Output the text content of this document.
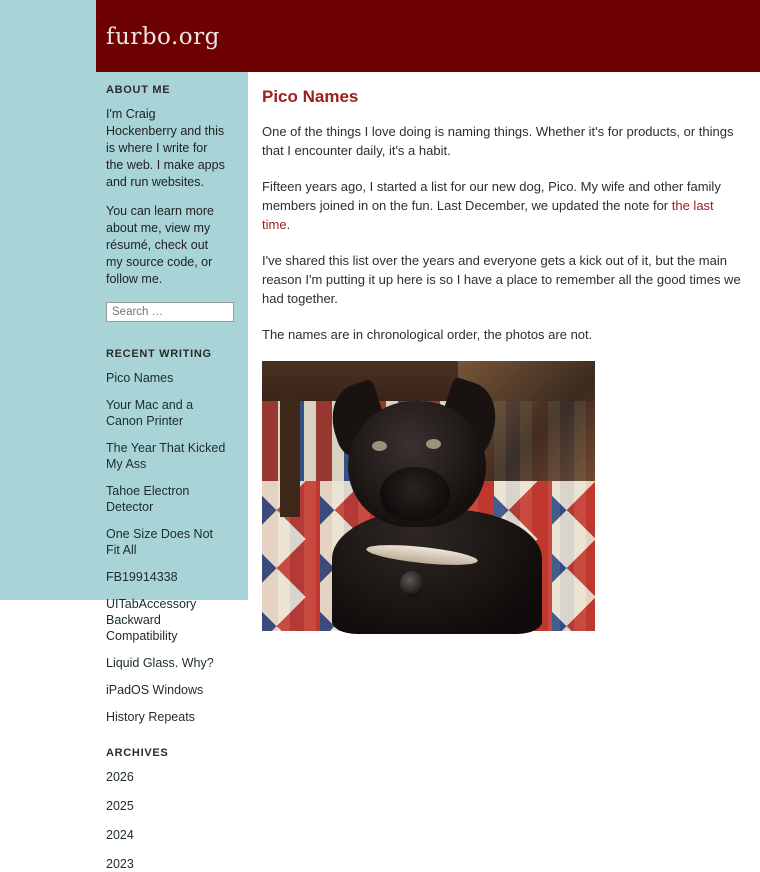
furbo.org
ABOUT ME

I'm Craig Hockenberry and this is where I write for the web. I make apps and run websites.

You can learn more about me, view my résumé, check out my source code, or follow me.

Search …
RECENT WRITING
Pico Names
Your Mac and a Canon Printer
The Year That Kicked My Ass
Tahoe Electron Detector
One Size Does Not Fit All
FB19914338
UITabAccessory Backward Compatibility
Liquid Glass. Why?
iPadOS Windows
History Repeats
ARCHIVES
2026
2025
2024
2023
Pico Names

One of the things I love doing is naming things. Whether it's for products, or things that I encounter daily, it's a habit.

Fifteen years ago, I started a list for our new dog, Pico. My wife and other family members joined in on the fun. Last December, we updated the note for the last time.

I've shared this list over the years and everyone gets a kick out of it, but the main reason I'm putting it up here is so I have a place to remember all the good times we had together.

The names are in chronological order, the photos are not.
